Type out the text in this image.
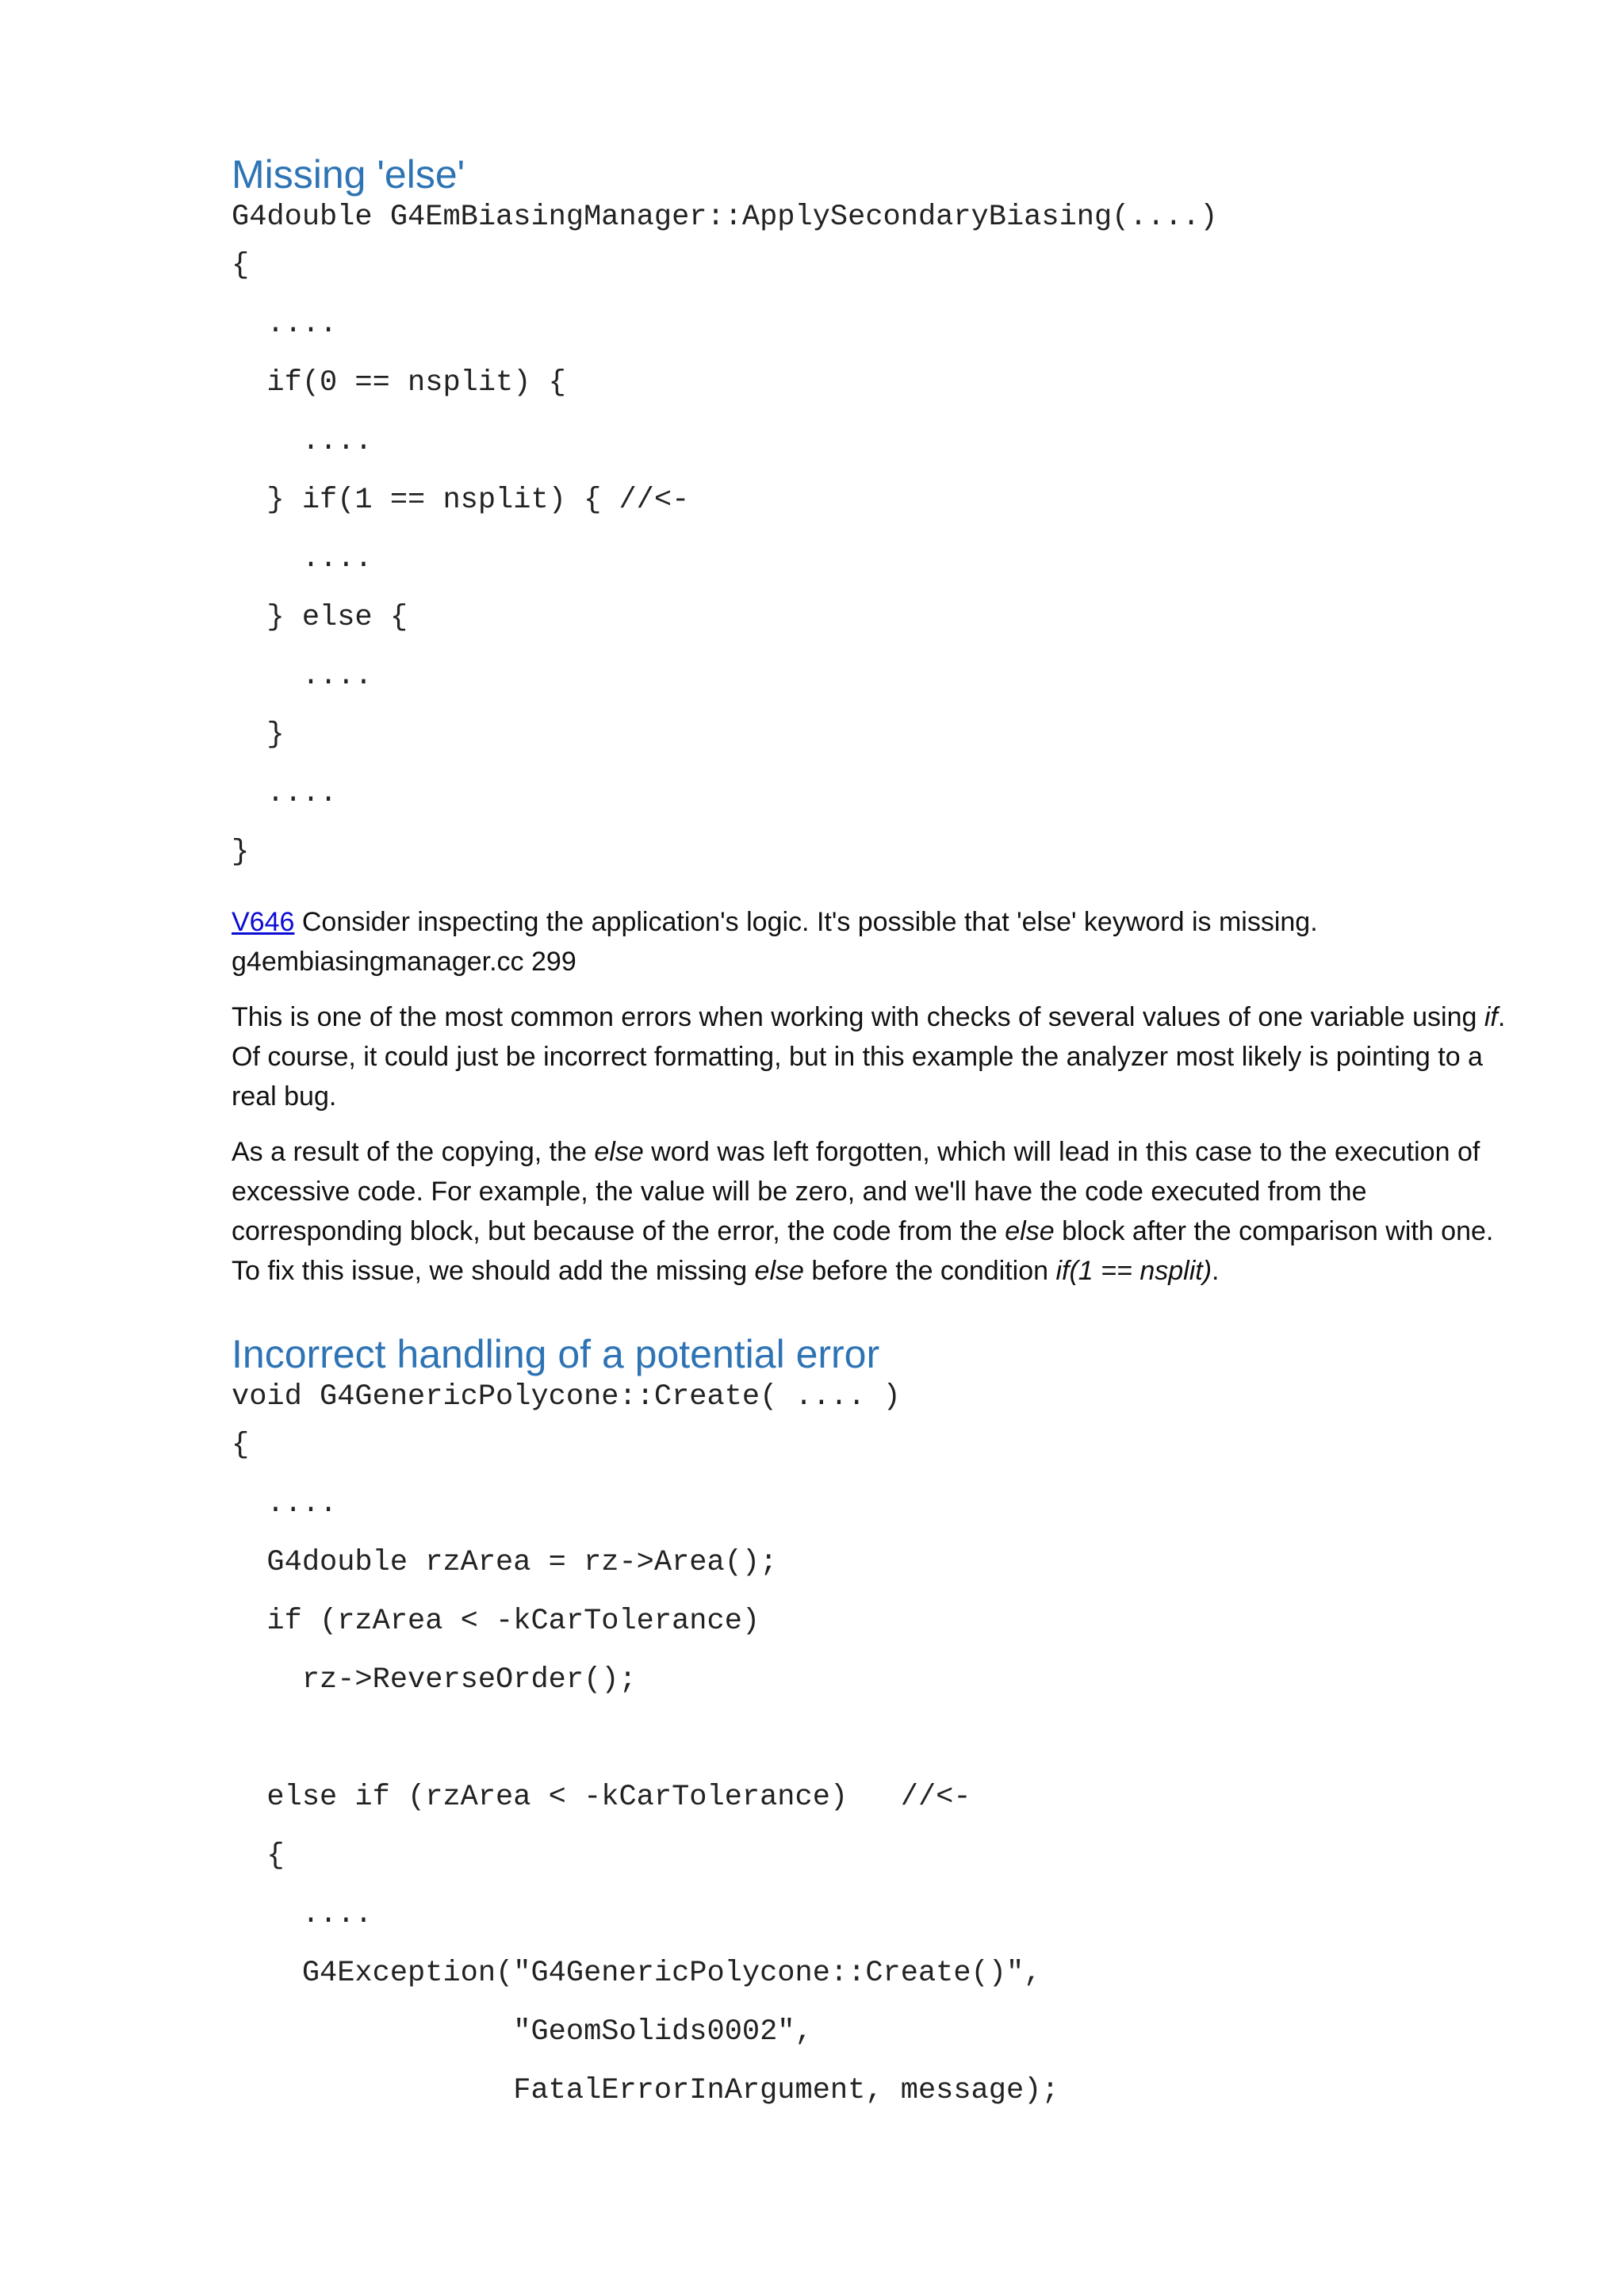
Missing 'else'
G4double G4EmBiasingManager::ApplySecondaryBiasing(....)
{
....
if(0 == nsplit) {
....
} if(1 == nsplit) { //<-
....
} else {
....
}
....
}

V646 Consider inspecting the application's logic. It's possible that 'else' keyword is missing. g4embiasingmanager.cc 299

This is one of the most common errors when working with checks of several values of one variable using if. Of course, it could just be incorrect formatting, but in this example the analyzer most likely is pointing to a real bug.

As a result of the copying, the else word was left forgotten, which will lead in this case to the execution of excessive code. For example, the value will be zero, and we'll have the code executed from the corresponding block, but because of the error, the code from the else block after the comparison with one. To fix this issue, we should add the missing else before the condition if(1 == nsplit).

Incorrect handling of a potential error
void G4GenericPolycone::Create( .... )
{
....
G4double rzArea = rz->Area();
if (rzArea < -kCarTolerance)
rz->ReverseOrder();
else if (rzArea < -kCarTolerance)   //<-
{
....
G4Exception("G4GenericPolycone::Create()",
"GeomSolids0002",
FatalErrorInArgument, message);
